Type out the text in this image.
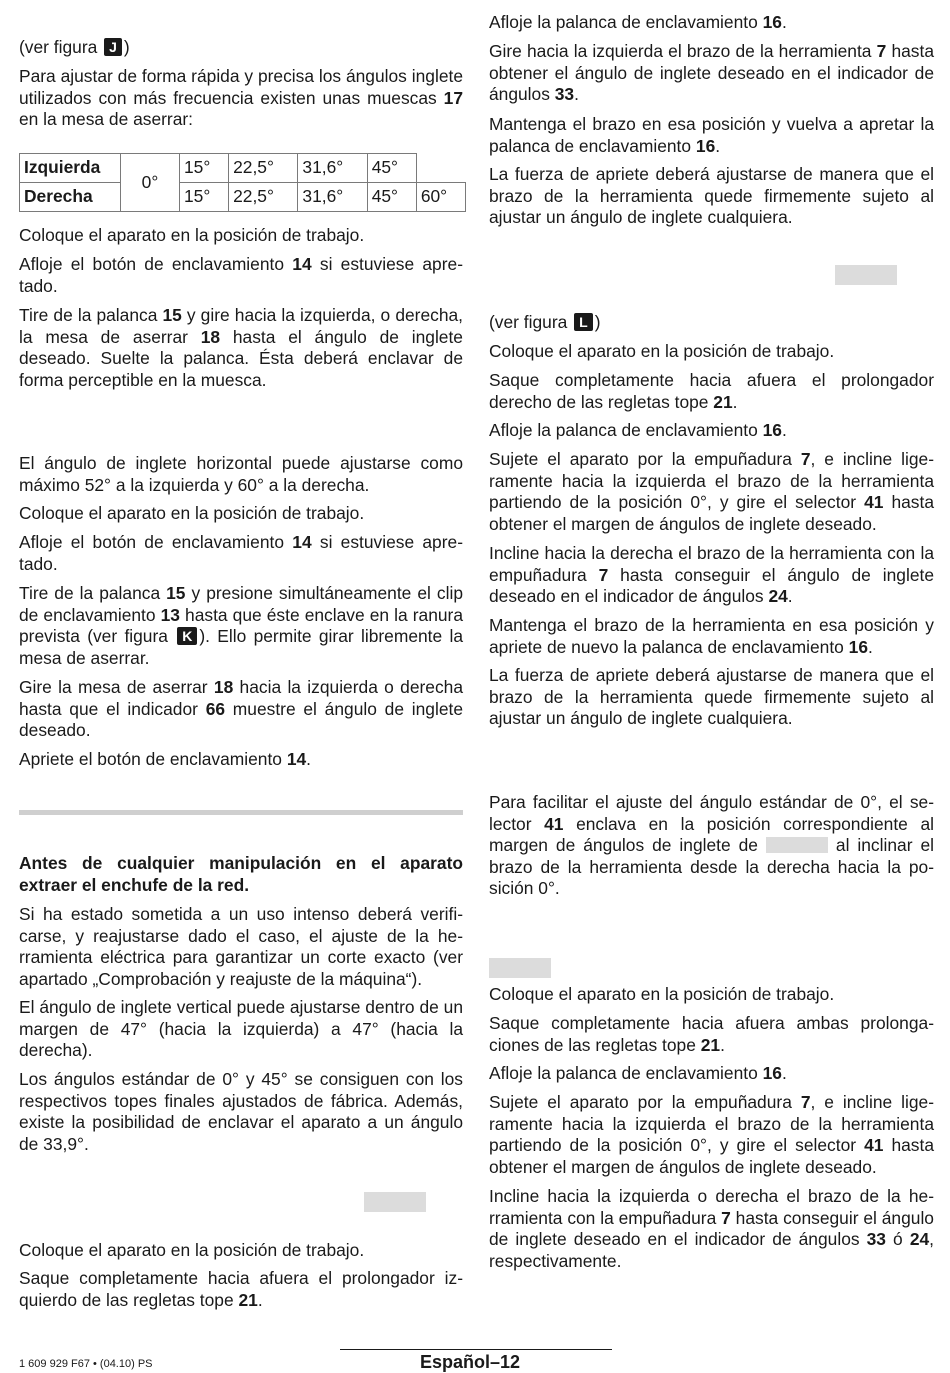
(ver figura J )

Para ajustar de forma rápida y precisa los ángulos inglete utilizados con más frecuencia existen unas muescas 17 en la mesa de aserrar:

Coloque el aparato en la posición de trabajo.

Afloje el botón de enclavamiento 14 si estuviese apretado.

Tire de la palanca 15 y gire hacia la izquierda, o derecha, la mesa de aserrar 18 hasta el ángulo de inglete deseado. Suelte la palanca. Ésta deberá enclavar de forma perceptible en la muesca.

El ángulo de inglete horizontal puede ajustarse como máximo 52° a la izquierda y 60° a la derecha.

Coloque el aparato en la posición de trabajo.

Afloje el botón de enclavamiento 14 si estuviese apretado.

Tire de la palanca 15 y presione simultáneamente el clip de enclavamiento 13 hasta que éste enclave en la ranura prevista (ver figura K ). Ello permite girar libremente la mesa de aserrar.

Gire la mesa de aserrar 18 hacia la izquierda o derecha hasta que el indicador 66 muestre el ángulo de inglete deseado.

Apriete el botón de enclavamiento 14.

Antes de cualquier manipulación en el aparato extraer el enchufe de la red.

Si ha estado sometida a un uso intenso deberá verificarse, y reajustarse dado el caso, el ajuste de la herramienta eléctrica para garantizar un corte exacto (ver apartado „Comprobación y reajuste de la máquina“).

El ángulo de inglete vertical puede ajustarse dentro de un margen de 47° (hacia la izquierda) a 47° (hacia la derecha).

Los ángulos estándar de 0° y 45° se consiguen con los respectivos topes finales ajustados de fábrica. Además, existe la posibilidad de enclavar el aparato a un ángulo de 33,9°.

Coloque el aparato en la posición de trabajo.

Saque completamente hacia afuera el prolongador izquierdo de las regletas tope 21.

Izquierda	0°	15°	22,5°	31,6°	45°	
Derecha		15°	22,5°	31,6°	45°	60°

Afloje la palanca de enclavamiento 16.

Gire hacia la izquierda el brazo de la herramienta 7 hasta obtener el ángulo de inglete deseado en el indicador de ángulos 33.

Mantenga el brazo en esa posición y vuelva a apretar la palanca de enclavamiento 16.

La fuerza de apriete deberá ajustarse de manera que el brazo de la herramienta quede firmemente sujeto al ajustar un ángulo de inglete cualquiera.

(ver figura L )

Coloque el aparato en la posición de trabajo.

Saque completamente hacia afuera el prolongador derecho de las regletas tope 21.

Afloje la palanca de enclavamiento 16.

Sujete el aparato por la empuñadura 7, e incline ligeramente hacia la izquierda el brazo de la herramienta partiendo de la posición 0°, y gire el selector 41 hasta obtener el margen de ángulos de inglete deseado.

Incline hacia la derecha el brazo de la herramienta con la empuñadura 7 hasta conseguir el ángulo de inglete deseado en el indicador de ángulos 24.

Mantenga el brazo de la herramienta en esa posición y apriete de nuevo la palanca de enclavamiento 16.

La fuerza de apriete deberá ajustarse de manera que el brazo de la herramienta quede firmemente sujeto al ajustar un ángulo de inglete cualquiera.

Para facilitar el ajuste del ángulo estándar de 0°, el selector 41 enclava en la posición correspondiente al margen de ángulos de inglete de	al inclinar el brazo de la herramienta desde la derecha hacia la posición 0°.

Coloque el aparato en la posición de trabajo.

Saque completamente hacia afuera ambas prolongaciones de las regletas tope 21.

Afloje la palanca de enclavamiento 16.

Sujete el aparato por la empuñadura 7, e incline ligeramente hacia la izquierda el brazo de la herramienta partiendo de la posición 0°, y gire el selector 41 hasta obtener el margen de ángulos de inglete deseado.

Incline hacia la izquierda o derecha el brazo de la herramienta con la empuñadura 7 hasta conseguir el ángulo de inglete deseado en el indicador de ángulos 33 ó 24, respectivamente.

1 609 929 F67 • (04.10) PS	Español–12
